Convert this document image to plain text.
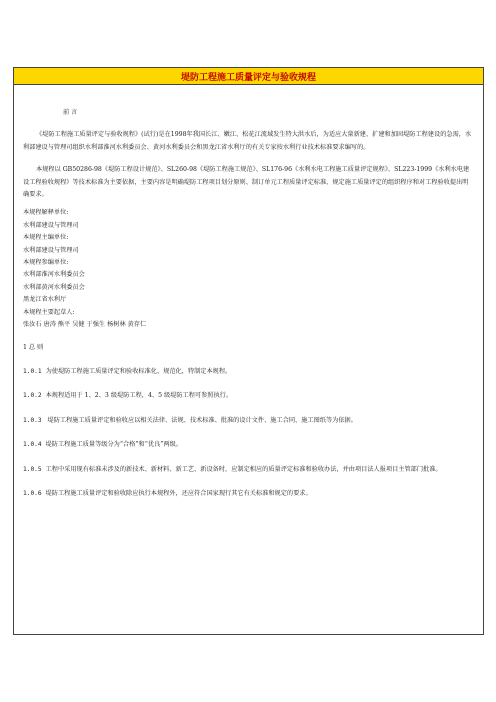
堤防工程施工质量评定与验收规程

前 言

《堤防工程施工质量评定与验收规程》(试行)是在1998年我国长江、嫩江、松花江流域发生特大洪水后，为适应大量新建、扩建和加固堤防工程建设的急需，水利部建设与管理司组织水利部淮河水利委员会、黄河水利委员会和黑龙江省水利厅的有关专家按水利行业技术标准要求编写的。

本规程以 GB50286-98《堤防工程设计规范》、SL260-98《堤防工程施工规范》、SL176-96《水利水电工程施工质量评定规程》、SL223-1999《水利水电建设工程验收规程》等技术标准为主要依据，主要内容是明确堤防工程项目划分原则、制订单元工程质量评定标准、规定施工质量评定的组织程序和对工程验收提出明确要求。

本规程解释单位:

水利部建设与管理司

本规程主编单位:

水利部建设与管理司

本规程参编单位:

水利部淮河水利委员会

水利部黄河水利委员会

黑龙江省水利厅

本规程主要起草人:

张汝石 唐涛 熊平 吴健 于强生 杨树林 黄存仁

1 总 则

1.0.1 为使堤防工程施工质量评定和验收标准化、规范化，特制定本规程。

1.0.2 本规程适用于 1、2、3 级堤防工程，4、5 级堤防工程可参照执行。

1.0.3   堤防工程施工质量评定和验收应以相关法律、法规、技术标准、批准的设计文件、施工合同、施工图纸等为依据。

1.0.4 堤防工程施工质量等级分为“合格”和“优良”两级。

1.0.5 工程中采用现有标准未涉及的新技术、新材料、新工艺、新设备时，应制定相应的质量评定标准和验收办法，并由项目法人报项目主管部门批准。

1.0.6 堤防工程施工质量评定和验收除应执行本规程外，还应符合国家现行其它有关标准和规定的要求。
